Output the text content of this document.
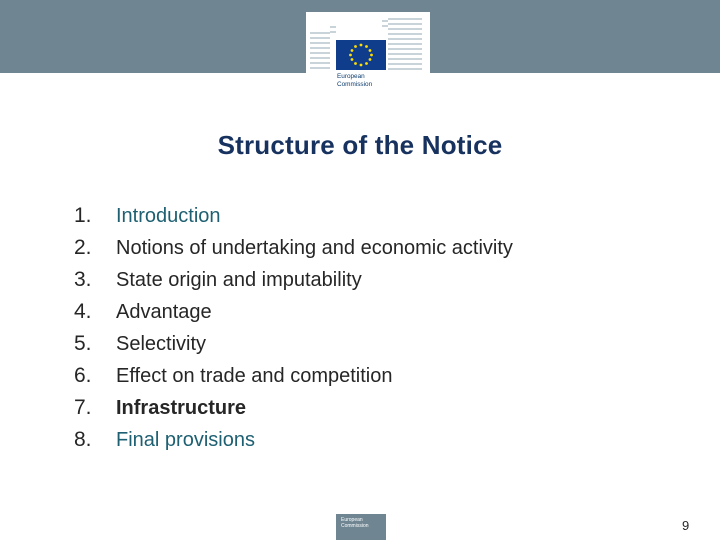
European
Commission
Structure of the Notice
1.	Introduction
2.	Notions of undertaking and economic activity
3.	State origin and imputability
4.	Advantage
5.	Selectivity
6.	Effect on trade and competition
7.	Infrastructure
8.	Final provisions
European Commission	9
